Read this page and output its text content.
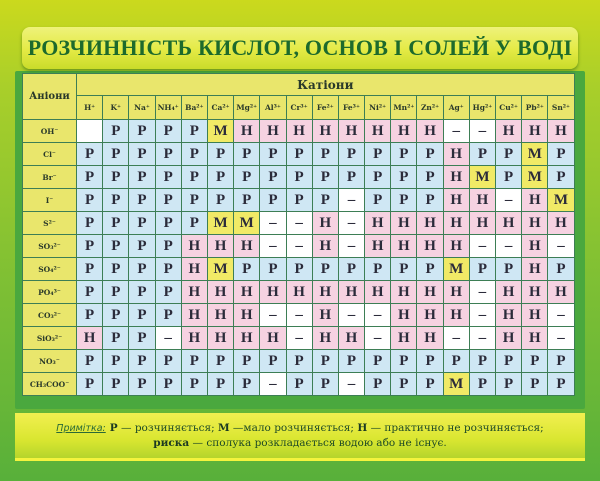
РОЗЧИННІСТЬ КИСЛОТ, ОСНОВ І СОЛЕЙ У ВОДІ
Аніони	Катіони																		
	H⁺	K⁺	Na⁺	NH₄⁺	Ba²⁺	Ca²⁺	Mg²⁺	Al³⁺	Cr³⁺	Fe²⁺	Fe³⁺	Ni²⁺	Mn²⁺	Zn²⁺	Ag⁺	Hg²⁺	Cu²⁺	Pb²⁺	Sn²⁺
OH⁻		Р	Р	Р	Р	М	Н	Н	Н	Н	Н	Н	Н	Н	–	–	Н	Н	Н
Cl⁻	Р	Р	Р	Р	Р	Р	Р	Р	Р	Р	Р	Р	Р	Р	Н	Р	Р	М	Р
Br⁻	Р	Р	Р	Р	Р	Р	Р	Р	Р	Р	Р	Р	Р	Р	Н	М	Р	М	Р
I⁻	Р	Р	Р	Р	Р	Р	Р	Р	Р	Р	–	Р	Р	Р	Н	Н	–	Н	М
S²⁻	Р	Р	Р	Р	Р	М	М	–	–	Н	–	Н	Н	Н	Н	Н	Н	Н	Н
SO₃²⁻	Р	Р	Р	Р	Н	Н	Н	–	–	Н	–	Н	Н	Н	Н	–	–	Н	–
SO₄²⁻	Р	Р	Р	Р	Н	М	Р	Р	Р	Р	Р	Р	Р	Р	М	Р	Р	Н	Р
PO₄³⁻	Р	Р	Р	Р	Н	Н	Н	Н	Н	Н	Н	Н	Н	Н	Н	–	Н	Н	Н
CO₃²⁻	Р	Р	Р	Р	Н	Н	Н	–	–	Н	–	–	Н	Н	Н	–	Н	Н	–
SiO₃²⁻	Н	Р	Р	–	Н	Н	Н	Н	–	Н	Н	–	Н	Н	–	–	Н	Н	–
NO₃⁻	Р	Р	Р	Р	Р	Р	Р	Р	Р	Р	Р	Р	Р	Р	Р	Р	Р	Р	Р
CH₃COO⁻	Р	Р	Р	Р	Р	Р	Р	–	Р	Р	–	Р	Р	Р	М	Р	Р	Р	Р
Примітка: Р — розчиняється; М —мало розчиняється; Н — практично не розчиняється;
риска — сполука розкладається водою або не існує.
